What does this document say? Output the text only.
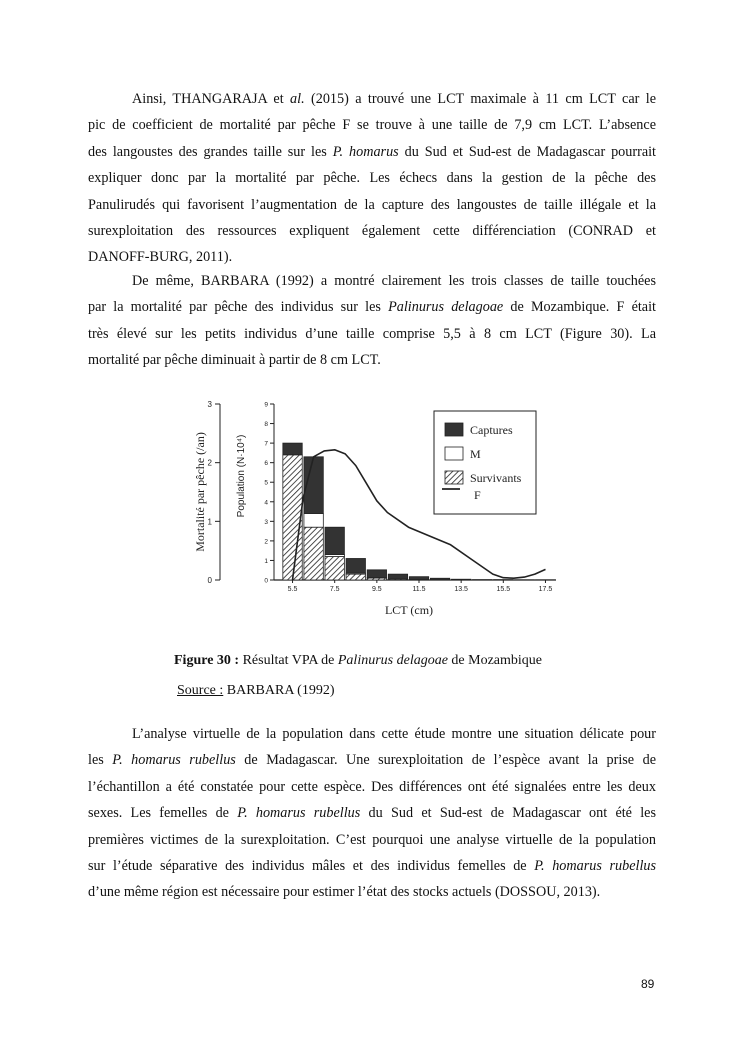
Ainsi, THANGARAJA et al. (2015) a trouvé une LCT maximale à 11 cm LCT car le
pic de coefficient de mortalité par pêche F se trouve à une taille de 7,9 cm LCT. L’absence
des langoustes des grandes taille sur les P. homarus du Sud et Sud-est de Madagascar pourrait
expliquer donc par la mortalité par pêche. Les échecs dans la gestion de la pêche des
Panulirudés qui favorisent l’augmentation de la capture des langoustes de taille illégale et la
surexploitation des ressources expliquent également cette différenciation (CONRAD et
DANOFF-BURG, 2011).

De même, BARBARA (1992) a montré clairement les trois classes de taille touchées
par la mortalité par pêche des individus sur les Palinurus delagoae de Mozambique. F était
très élevé sur les petits individus d’une taille comprise 5,5 à 8 cm LCT (Figure 30). La
mortalité par pêche diminuait à partir de 8 cm LCT.

0
1
2
3
Mortalité par pêche (/an)
0
1
2
3
4
5
6
7
8
9
Population (N·10⁴)
5.5	7.5	9.5	11.5	13.5	15.5	17.5
LCT (cm)
Captures
M
Survivants
F
Figure 30 : Résultat VPA de Palinurus delagoae de Mozambique
Source : BARBARA (1992)

L’analyse virtuelle de la population dans cette étude montre une situation délicate pour
les P. homarus rubellus de Madagascar. Une surexploitation de l’espèce avant la prise de
l’échantillon a été constatée pour cette espèce. Des différences ont été signalées entre les deux
sexes. Les femelles de P. homarus rubellus du Sud et Sud-est de Madagascar ont été les
premières victimes de la surexploitation. C’est pourquoi une analyse virtuelle de la population
sur l’étude séparative des individus mâles et des individus femelles de P. homarus rubellus
d’une même région est nécessaire pour estimer l’état des stocks actuels (DOSSOU, 2013).

89
